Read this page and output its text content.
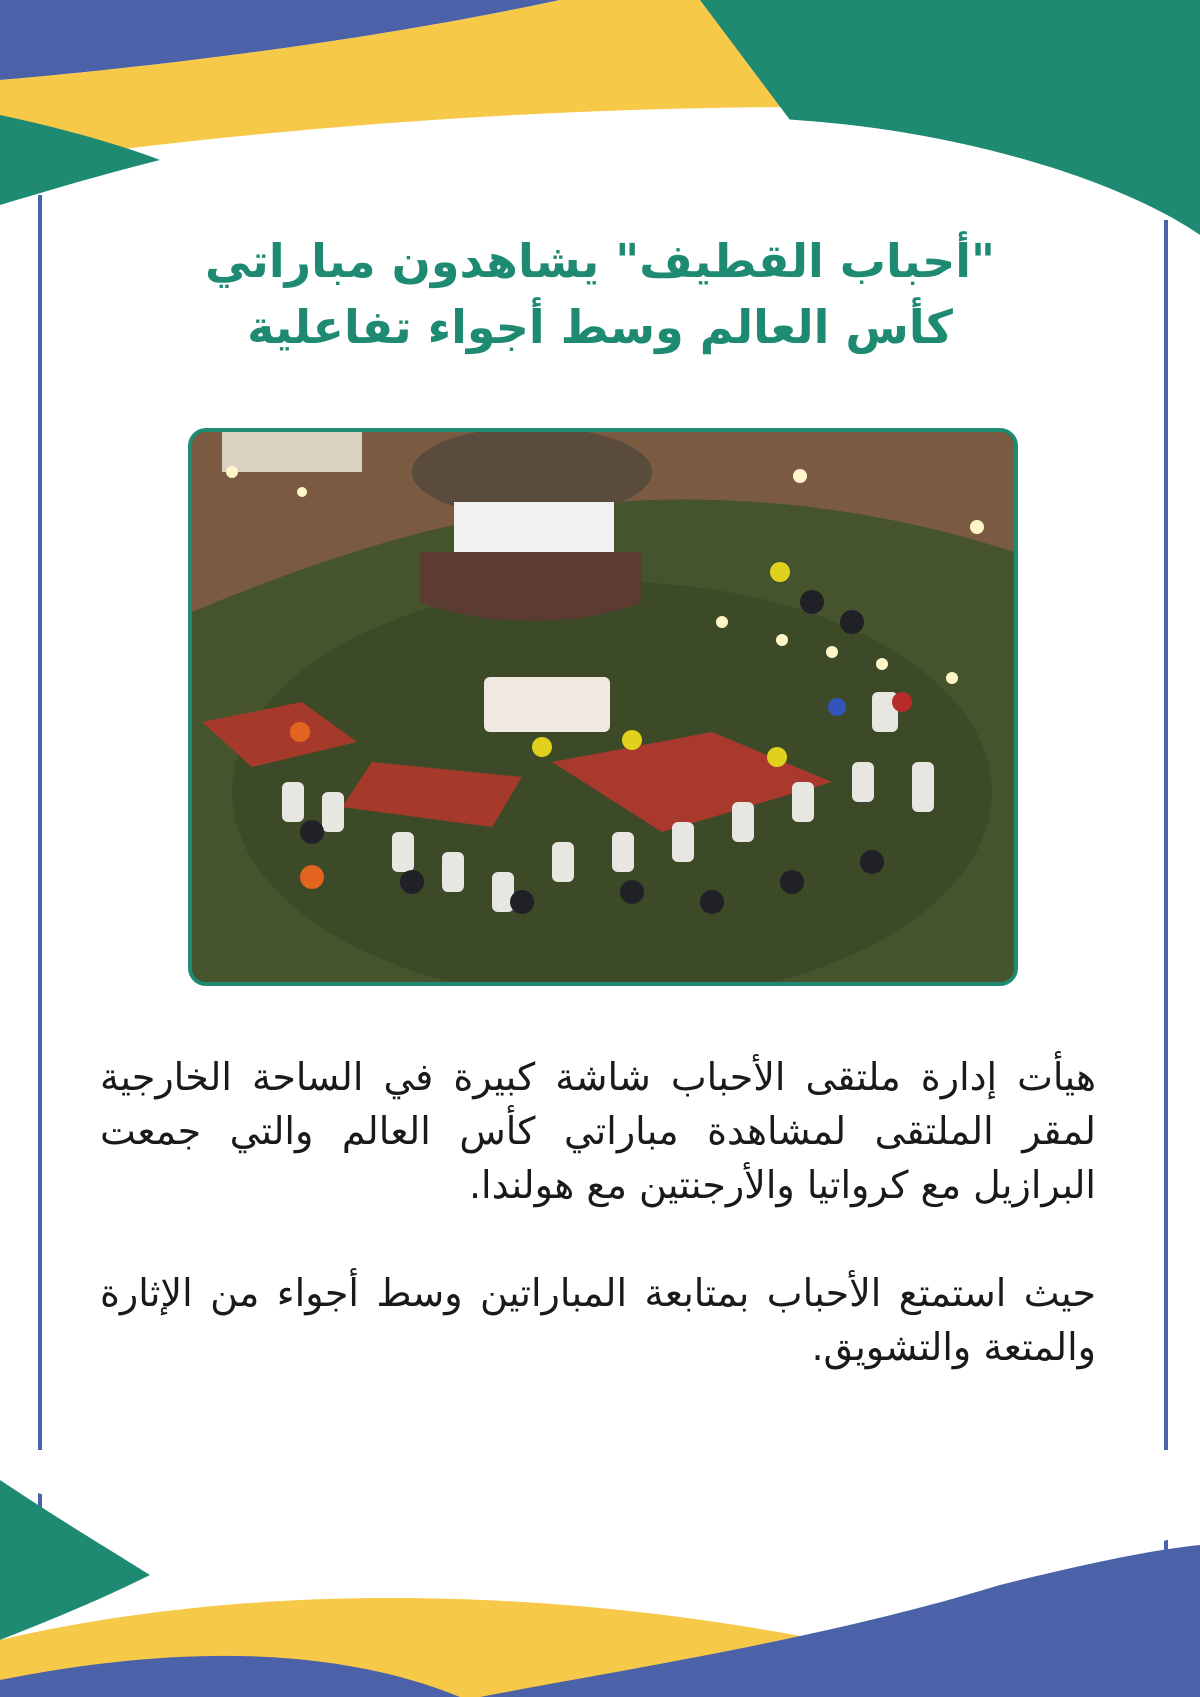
"أحباب القطيف" يشاهدون مباراتي
كأس العالم وسط أجواء تفاعلية

هيأت إدارة ملتقى الأحباب شاشة كبيرة في الساحة الخارجية لمقر الملتقى لمشاهدة مباراتي كأس العالم والتي جمعت البرازيل مع كرواتيا والأرجنتين مع هولندا.

حيث استمتع الأحباب بمتابعة المباراتين وسط أجواء من الإثارة والمتعة والتشويق.
